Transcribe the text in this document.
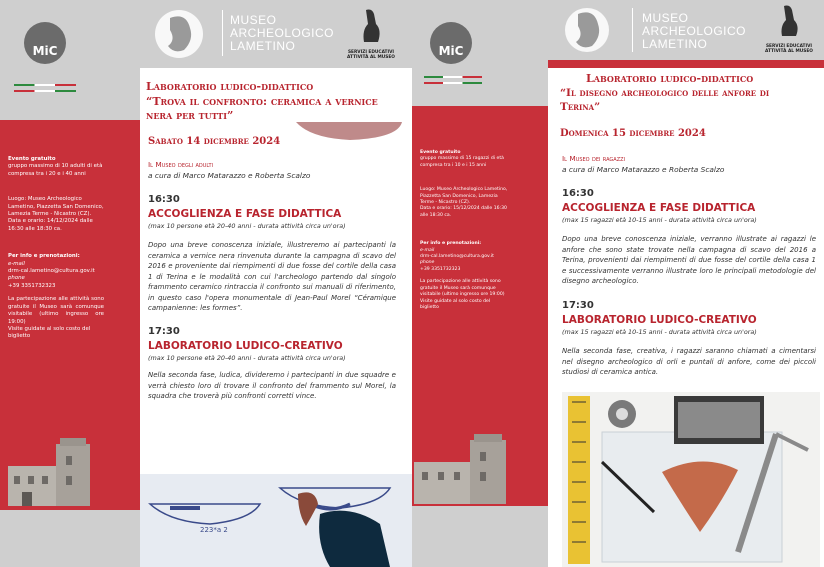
MiC
Evento gratuito
gruppo massimo di 10 adulti di età compresa tra i 20 e i 40 anni
Luogo: Museo Archeologico Lametino, Piazzetta San Domenico, Lamezia Terme - Nicastro (CZ).
Data e orario: 14/12/2024 dalle 16:30 alle 18:30 ca.
Per info e prenotazioni:
e-mail
drm-cal.lametino@cultura.gov.it
phone
+39 3351732323
La partecipazione alle attività sono gratuite il Museo sarà comunque visitabile (ultimo ingresso ore 19:00)
Visite guidate al solo costo del biglietto
MUSEO
ARCHEOLOGICO
LAMETINO	SERVIZI EDUCATIVI ATTIVITÀ AL MUSEO
Laboratorio ludico-didattico
“Trova il confronto: ceramica a vernice
nera per tutti”
Sabato 14 dicembre 2024
Il Museo degli adulti
a cura di Marco Matarazzo e Roberta Scalzo
16:30
ACCOGLIENZA E FASE DIDATTICA
(max 10 persone età 20-40 anni - durata attività circa un'ora)
Dopo una breve conoscenza iniziale, illustreremo ai partecipanti la ceramica a vernice nera rinvenuta durante la campagna di scavo del 2016 e proveniente dai riempimenti di due fosse del cortile della casa 1 di Terina e le modalità con cui l'archeologo partendo dal singolo frammento ceramico rintraccia il confronto sui manuali di riferimento, in questo caso l'opera monumentale di Jean-Paul Morel “Céramique campanienne: les formes”.
17:30
LABORATORIO LUDICO-CREATIVO
(max 10 persone età 20-40 anni - durata attività circa un'ora)
Nella seconda fase, ludica, divideremo i partecipanti in due squadre e verrà chiesto loro di trovare il confronto del frammento sul Morel, la squadra che troverà più confronti corretti vince.
223*a 2
MiC
Evento gratuito
gruppo massimo di 15 ragazzi di età compresa tra i 10 e i 15 anni
Luogo: Museo Archeologico Lametino, Piazzetta San Domenico, Lamezia Terme - Nicastro (CZ).
Data e orario: 15/12/2024 dalle 16:30 alle 18:30 ca.
Per info e prenotazioni:
e-mail
drm-cal.lametino@cultura.gov.it
phone
+39 3351732323
La partecipazione alle attività sono gratuite il Museo sarà comunque visitabile (ultimo ingresso ore 19:00)
Visite guidate al solo costo del biglietto
MUSEO
ARCHEOLOGICO
LAMETINO	SERVIZI EDUCATIVI ATTIVITÀ AL MUSEO
Laboratorio ludico-didattico
“Il disegno archeologico delle anfore di
Terina”
Domenica 15 dicembre 2024
Il Museo dei ragazzi
a cura di Marco Matarazzo e Roberta Scalzo
16:30
ACCOGLIENZA E FASE DIDATTICA
(max 15 ragazzi età 10-15 anni - durata attività circa un'ora)
Dopo una breve conoscenza iniziale, verranno illustrate ai ragazzi le anfore che sono state trovate nella campagna di scavo del 2016 a Terina, provenienti dai riempimenti di due fosse del cortile della casa 1 e successivamente verranno illustrate loro le principali metodologie del disegno archeologico.
17:30
LABORATORIO LUDICO-CREATIVO
(max 15 ragazzi età 10-15 anni - durata attività circa un'ora)
Nella seconda fase, creativa, i ragazzi saranno chiamati a cimentarsi nel disegno archeologico di orli e puntali di anfore, come dei piccoli studiosi di ceramica antica.
